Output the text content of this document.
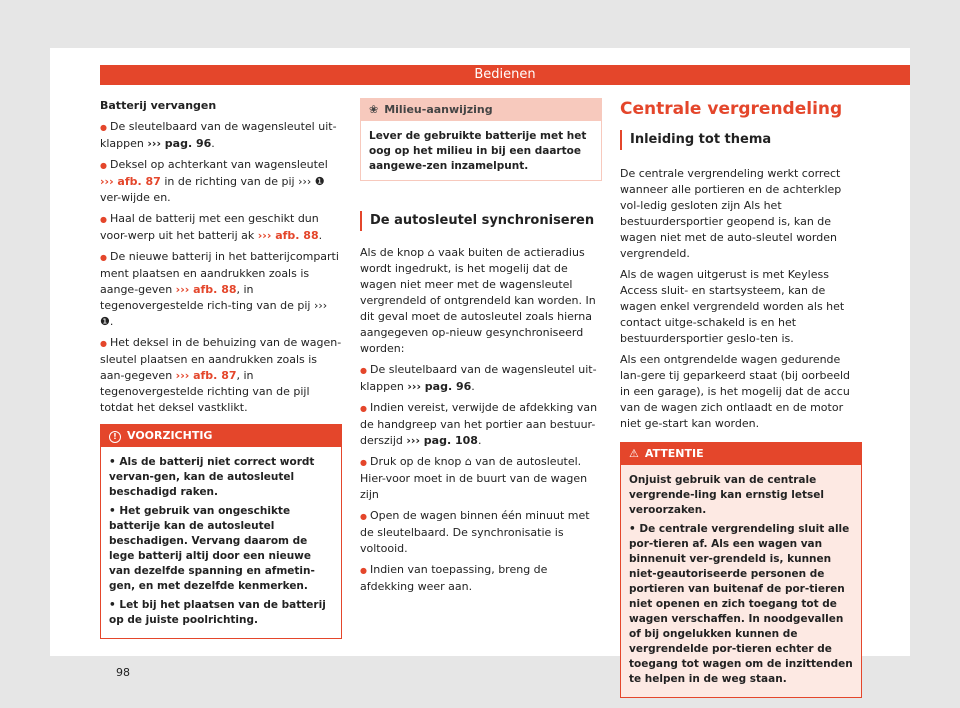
Bedienen

Batterij vervangen

● De sleutelbaard van de wagensleutel uit-klappen ››› pag. 96.

● Deksel op achterkant van wagensleutel ››› afb. 87 in de richting van de pij ››› ❶ ver-wijde en.

● Haal de batterij met een geschikt dun voor-werp uit het batterij ak ››› afb. 88.

● De nieuwe batterij in het batterijcomparti ment plaatsen en aandrukken zoals is aange-geven ››› afb. 88, in tegenovergestelde rich-ting van de pij ››› ❶.

● Het deksel in de behuizing van de wagen-sleutel plaatsen en aandrukken zoals is aan-gegeven ››› afb. 87, in tegenovergestelde richting van de pijl totdat het deksel vastklikt.

! VOORZICHTIG

• Als de batterij niet correct wordt vervan-gen, kan de autosleutel beschadigd raken.

• Het gebruik van ongeschikte batterije kan de autosleutel beschadigen. Vervang daarom de lege batterij altij door een nieuwe van dezelfde spanning en afmetin-gen, en met dezelfde kenmerken.

• Let bij het plaatsen van de batterij op de juiste poolrichting.

❀ Milieu-aanwijzing
Lever de gebruikte batterije met het oog op het milieu in bij een daartoe aangewe-zen inzamelpunt.
De autosleutel synchroniseren

Als de knop ⌂ vaak buiten de actieradius wordt ingedrukt, is het mogelij dat de wagen niet meer met de wagensleutel vergrendeld of ontgrendeld kan worden. In dit geval moet de autosleutel zoals hierna aangegeven op-nieuw gesynchroniseerd worden:

● De sleutelbaard van de wagensleutel uit-klappen ››› pag. 96.

● Indien vereist, verwijde de afdekking van de handgreep van het portier aan bestuur-derszijd ››› pag. 108.

● Druk op de knop ⌂ van de autosleutel. Hier-voor moet in de buurt van de wagen zijn

● Open de wagen binnen één minuut met de sleutelbaard. De synchronisatie is voltooid.

● Indien van toepassing, breng de afdekking weer aan.

Centrale vergrendeling
Inleiding tot thema

De centrale vergrendeling werkt correct wanneer alle portieren en de achterklep vol-ledig gesloten zijn Als het bestuurdersportier geopend is, kan de wagen niet met de auto-sleutel worden vergrendeld.

Als de wagen uitgerust is met Keyless Access sluit- en startsysteem, kan de wagen enkel vergrendeld worden als het contact uitge-schakeld is en het bestuurdersportier geslo-ten is.

Als een ontgrendelde wagen gedurende lan-gere tij geparkeerd staat (bij oorbeeld in een garage), is het mogelij dat de accu van de wagen zich ontlaadt en de motor niet ge-start kan worden.

⚠ ATTENTIE

Onjuist gebruik van de centrale vergrende-ling kan ernstig letsel veroorzaken.

• De centrale vergrendeling sluit alle por-tieren af. Als een wagen van binnenuit ver-grendeld is, kunnen niet-geautoriseerde personen de portieren van buitenaf de por-tieren niet openen en zich toegang tot de wagen verschaffen. In noodgevallen of bij ongelukken kunnen de vergrendelde por-tieren echter de toegang tot wagen om de inzittenden te helpen in de weg staan.

98
